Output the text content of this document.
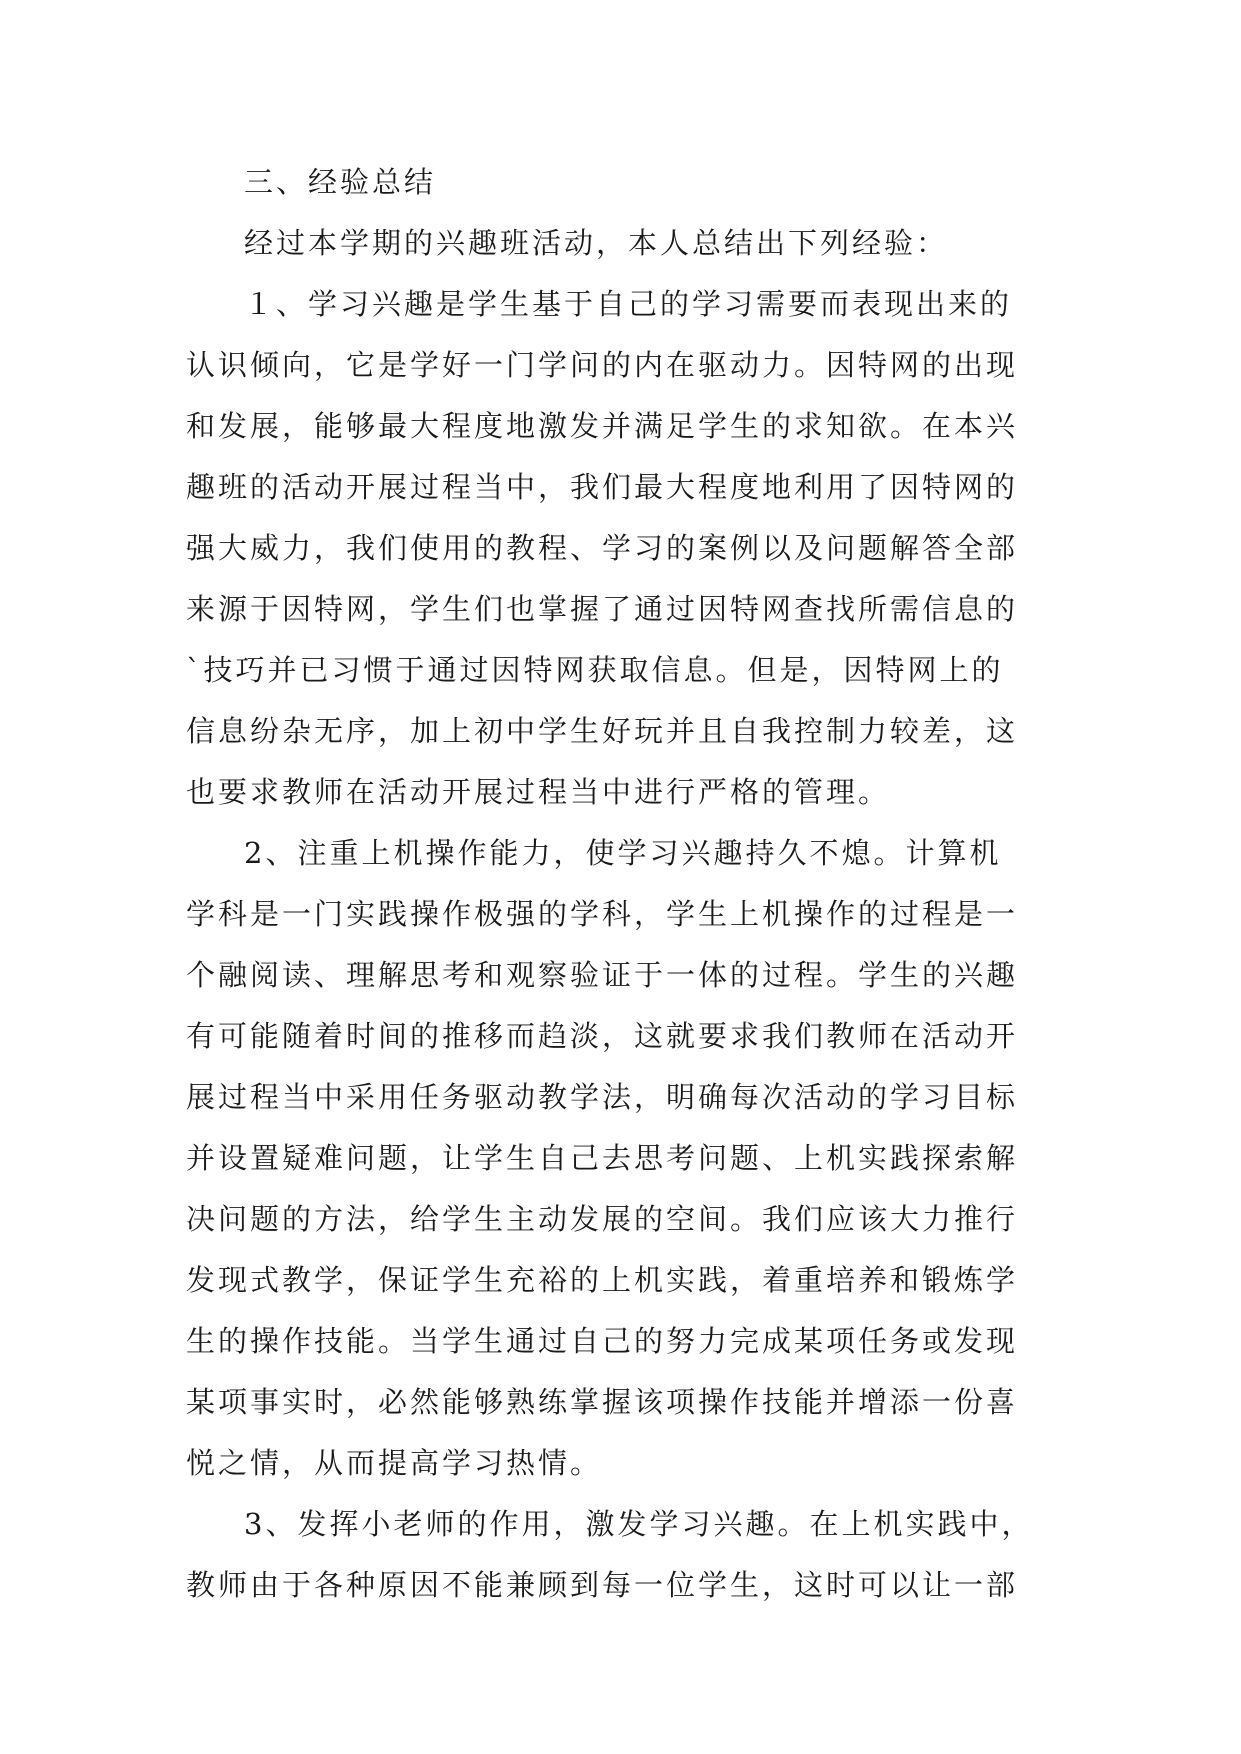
三、经验总结
经过本学期的兴趣班活动，本人总结出下列经验：
１、学习兴趣是学生基于自己的学习需要而表现出来的
认识倾向，它是学好一门学问的内在驱动力。因特网的出现
和发展，能够最大程度地激发并满足学生的求知欲。在本兴
趣班的活动开展过程当中，我们最大程度地利用了因特网的
强大威力，我们使用的教程、学习的案例以及问题解答全部
来源于因特网，学生们也掌握了通过因特网查找所需信息的
`技巧并已习惯于通过因特网获取信息。但是，因特网上的
信息纷杂无序，加上初中学生好玩并且自我控制力较差，这
也要求教师在活动开展过程当中进行严格的管理。
2、注重上机操作能力，使学习兴趣持久不熄。计算机
学科是一门实践操作极强的学科，学生上机操作的过程是一
个融阅读、理解思考和观察验证于一体的过程。学生的兴趣
有可能随着时间的推移而趋淡，这就要求我们教师在活动开
展过程当中采用任务驱动教学法，明确每次活动的学习目标
并设置疑难问题，让学生自己去思考问题、上机实践探索解
决问题的方法，给学生主动发展的空间。我们应该大力推行
发现式教学，保证学生充裕的上机实践，着重培养和锻炼学
生的操作技能。当学生通过自己的努力完成某项任务或发现
某项事实时，必然能够熟练掌握该项操作技能并增添一份喜
悦之情，从而提高学习热情。
3、发挥小老师的作用，激发学习兴趣。在上机实践中，
教师由于各种原因不能兼顾到每一位学生，这时可以让一部
